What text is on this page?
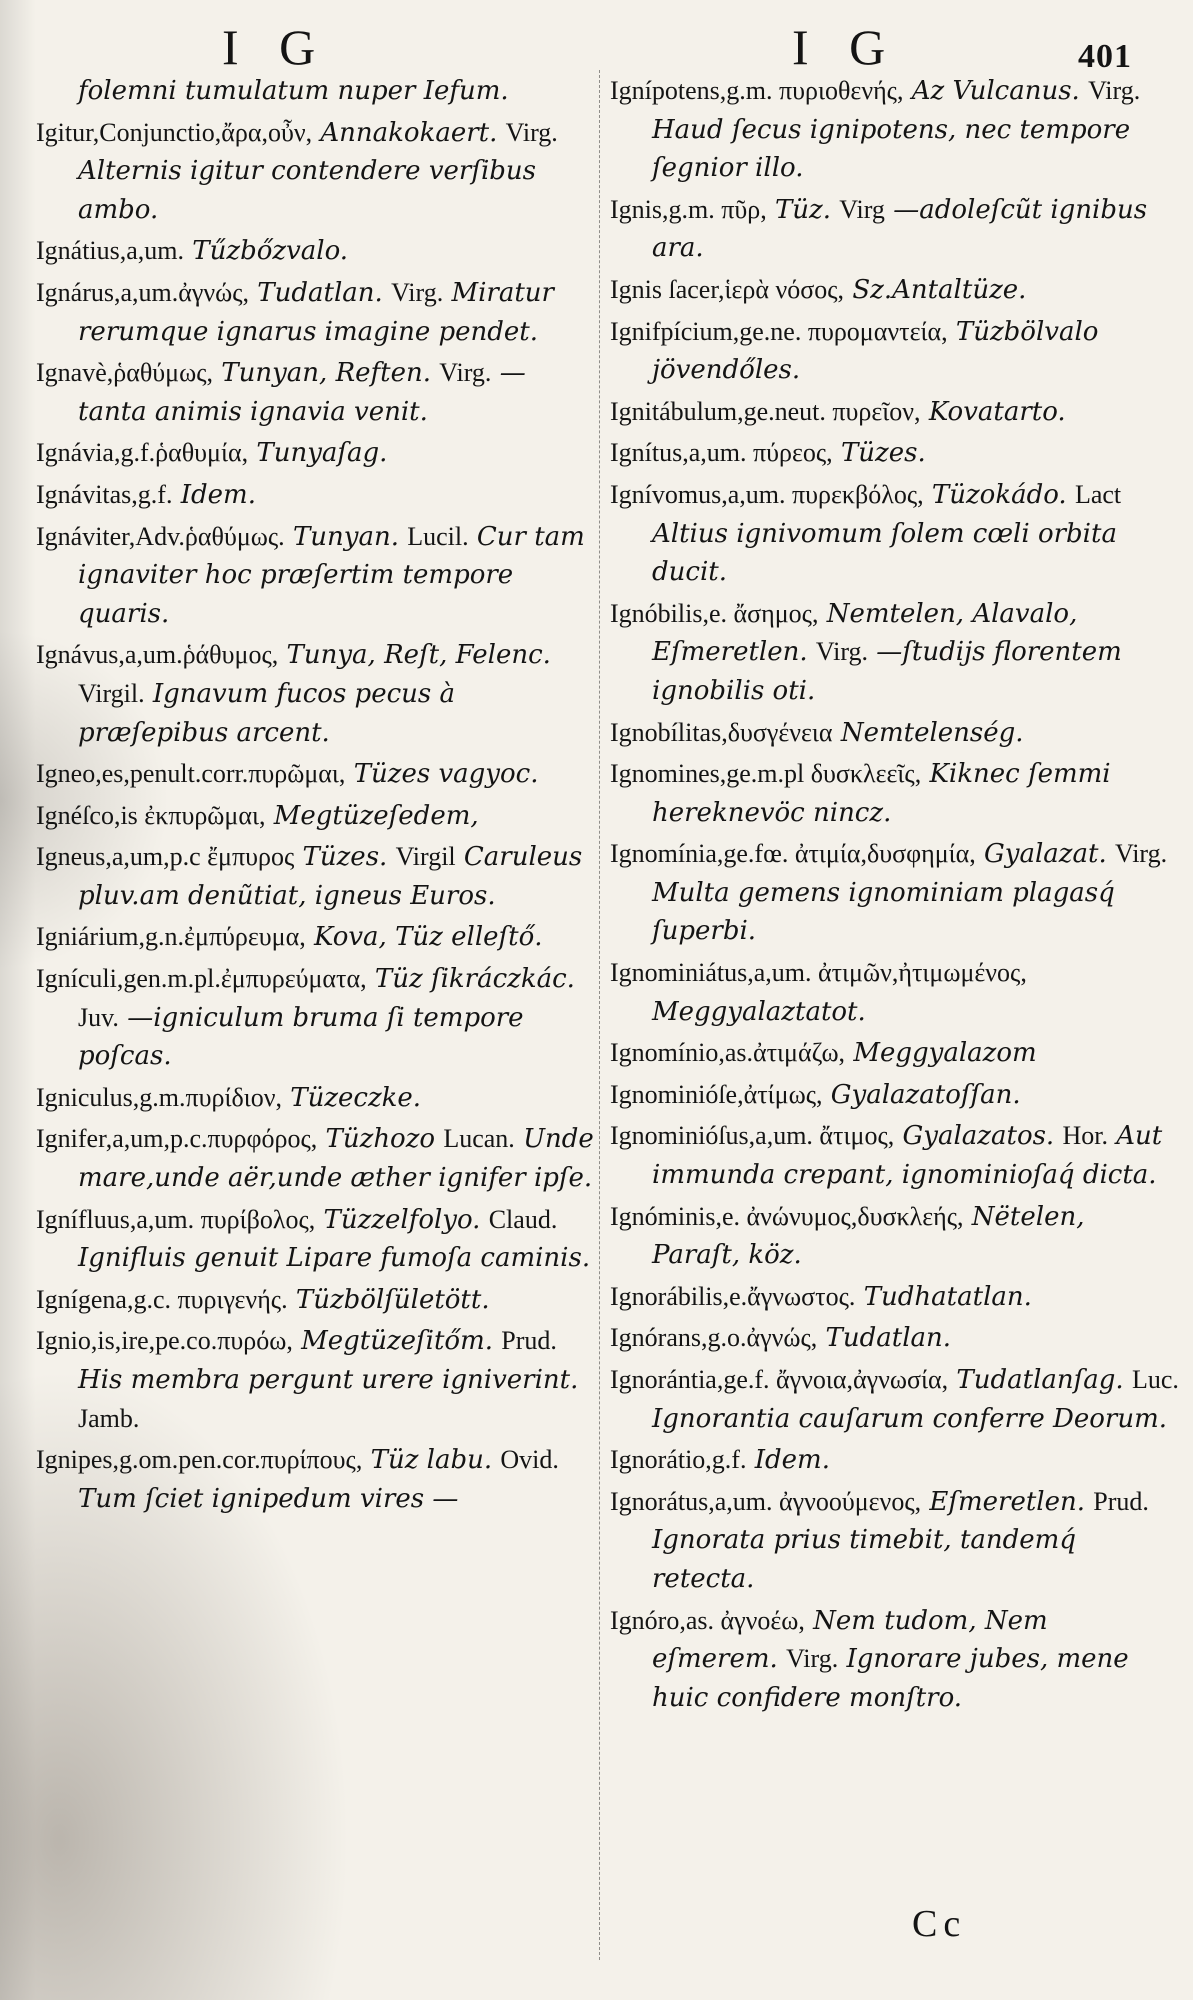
I G	I G	401
folemni tumulatum nuper Iefum.
Igitur,Conjunctio,ἄρα,οὖν, Annakokaert. Virg. Alternis igitur contendere verſibus ambo.
Ignátius,a,um. Tűzbőzvalo.
Ignárus,a,um.ἀγνώς, Tudatlan. Virg. Miratur rerumque ignarus imagine pendet.
Ignavè,ῥαθύμως, Tunyan, Reften. Virg. — tanta animis ignavia venit.
Ignávia,g.f.ῥαθυμία, Tunyaſag.
Ignávitas,g.f. Idem.
Ignáviter,Adv.ῥαθύμως. Tunyan. Lucil. Cur tam ignaviter hoc præſertim tempore quaris.
Ignávus,a,um.ῥάθυμος, Tunya, Reſt, Felenc. Virgil. Ignavum fucos pecus à præſepibus arcent.
Igneo,es,penult.corr.πυρῶμαι, Tüzes vagyoc.
Ignéſco,is ἐκπυρῶμαι, Megtüzeſedem,
Igneus,a,um,p.c ἔμπυρος Tüzes. Virgil Caruleus pluv.am denũtiat, igneus Euros.
Igniárium,g.n.ἐμπύρευμα, Kova, Tüz elleſtő.
Ignículi,gen.m.pl.ἐμπυρεύματα, Tüz ſikráczkác. Juv. —igniculum bruma ſi tempore poſcas.
Igniculus,g.m.πυρίδιον, Tüzeczke.
Ignifer,a,um,p.c.πυρφόρος, Tüzhozo Lucan. Unde mare,unde aër,unde æther ignifer ipſe.
Ignífluus,a,um. πυρίβολος, Tüzzelfolyo. Claud. Ignifluis genuit Lipare fumoſa caminis.
Ignígena,g.c. πυριγενής. Tüzbölſületött.
Ignio,is,ire,pe.co.πυρόω, Megtüzeſitőm. Prud. His membra pergunt urere igniverint. Jamb.
Ignipes,g.om.pen.cor.πυρίπους, Tüz labu. Ovid. Tum ſciet ignipedum vires —
Ignípotens,g.m. πυριοθενής, Az Vulcanus. Virg. Haud ſecus ignipotens, nec tempore ſegnior illo.
Ignis,g.m. πῦρ, Tüz. Virg —adoleſcũt ignibus ara.
Ignis ſacer,ἱερὰ νόσος, Sz.Antaltüze.
Ignifpícium,ge.ne. πυρομαντεία, Tüzbölvalo jövendőles.
Ignitábulum,ge.neut. πυρεῖον, Kovatarto.
Ignítus,a,um. πύρεος, Tüzes.
Ignívomus,a,um. πυρεκβόλος, Tüzokádo. Lact Altius ignivomum ſolem cœli orbita ducit.
Ignóbilis,e. ἄσημος, Nemtelen, Alavalo, Eſmeretlen. Virg. —ſtudijs florentem ignobilis oti.
Ignobílitas,δυσγένεια Nemtelenség.
Ignomines,ge.m.pl δυσκλεεῖς, Kiknec ſemmi hereknevöc nincz.
Ignomínia,ge.fœ. ἀτιμία,δυσφημία, Gyalazat. Virg. Multa gemens ignominiam plagasq́ ſuperbi.
Ignominiátus,a,um. ἀτιμῶν,ἠτιμωμένος, Meggyalaztatot.
Ignomínio,as.ἀτιμάζω, Meggyalazom
Ignominióſe,ἀτίμως, Gyalazatoſſan.
Ignominióſus,a,um. ἄτιμος, Gyalazatos. Hor. Aut immunda crepant, ignominioſaq́ dicta.
Ignóminis,e. ἀνώνυμος,δυσκλεής, Nëtelen, Paraſt, köz.
Ignorábilis,e.ἄγνωστος. Tudhatatlan.
Ignórans,g.o.ἀγνώς, Tudatlan.
Ignorántia,ge.f. ἄγνοια,ἀγνωσία, Tudatlanſag. Luc. Ignorantia cauſarum conferre Deorum.
Ignorátio,g.f. Idem.
Ignorátus,a,um. ἀγνοούμενος, Eſmeretlen. Prud. Ignorata prius timebit, tandemq́ retecta.
Ignóro,as. ἀγνοέω, Nem tudom, Nem eſmerem. Virg. Ignorare jubes, mene huic confidere monſtro.
Cc
